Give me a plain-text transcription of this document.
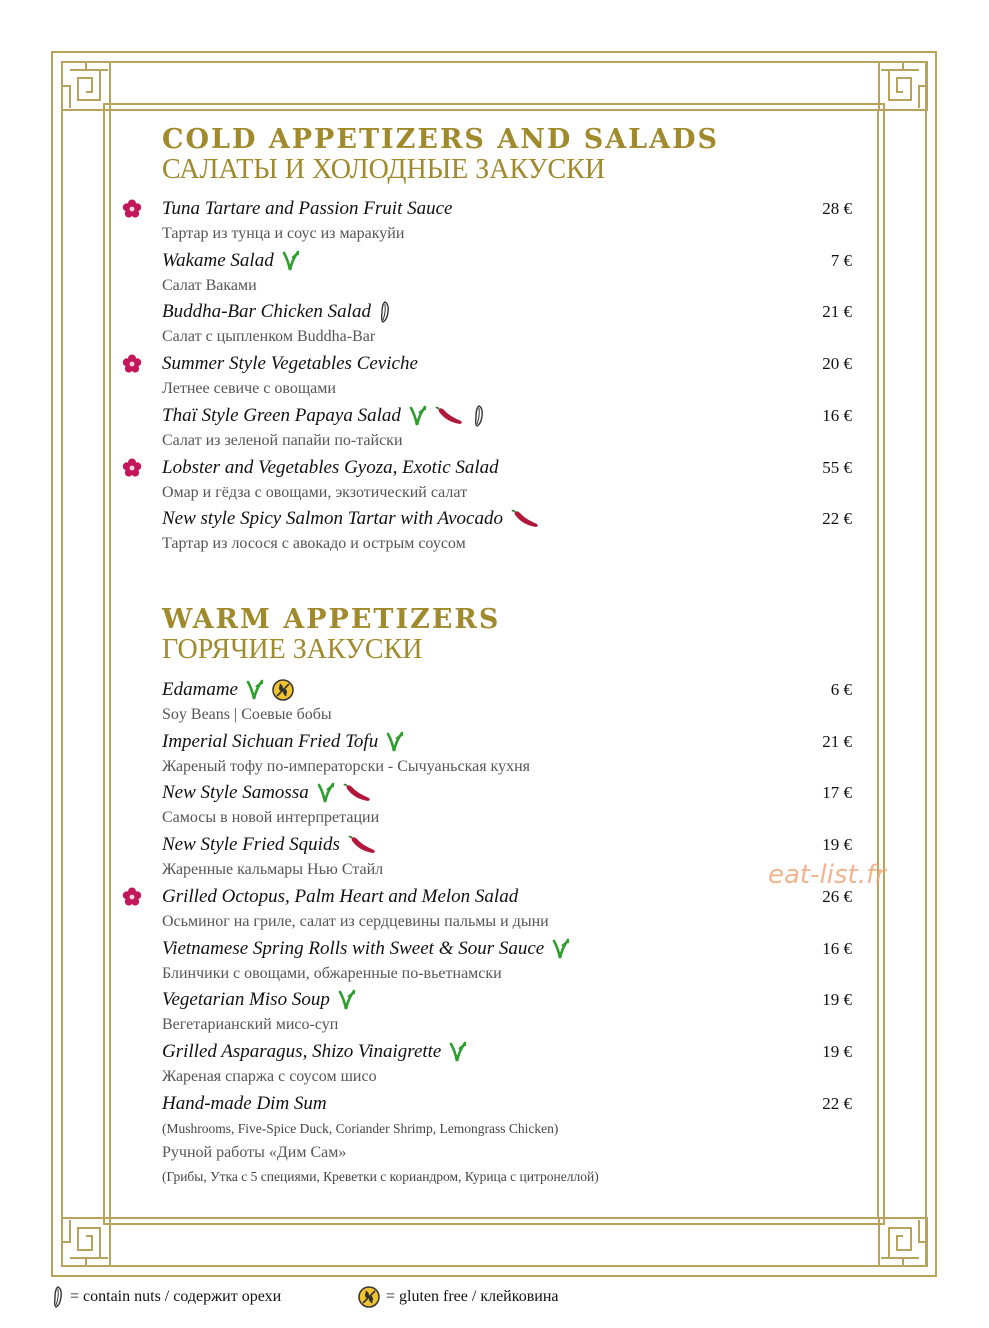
COLD APPETIZERS AND SALADS
САЛАТЫ И ХОЛОДНЫЕ ЗАКУСКИ
Tuna Tartare and Passion Fruit Sauce	28 €
Тартар из тунца и соус из маракуйи
Wakame Salad	7 €
Салат Ваками
Buddha-Bar Chicken Salad	21 €
Салат с цыпленком Buddha-Bar
Summer Style Vegetables Ceviche	20 €
Летнее севиче с овощами
Thaï Style Green Papaya Salad	16 €
Салат из зеленой папайи по-тайски
Lobster and Vegetables Gyoza, Exotic Salad	55 €
Омар и гёдза с овощами, экзотический салат
New style Spicy Salmon Tartar with Avocado	22 €
Тартар из лосося с авокадо и острым соусом
WARM APPETIZERS
ГОРЯЧИЕ ЗАКУСКИ
Edamame	6 €
Soy Beans | Соевые бобы
Imperial Sichuan Fried Tofu	21 €
Жареный тофу по-императорски - Сычуаньская кухня
New Style Samossa	17 €
Самосы в новой интерпретации
New Style Fried Squids	19 €
Жаренные кальмары Нью Стайл
Grilled Octopus, Palm Heart and Melon Salad	26 €
Осьминог на гриле, салат из сердцевины пальмы и дыни
Vietnamese Spring Rolls with Sweet & Sour Sauce	16 €
Блинчики с овощами, обжаренные по-вьетнамски
Vegetarian Miso Soup	19 €
Вегетарианский мисо-суп
Grilled Asparagus, Shizo Vinaigrette	19 €
Жареная спаржа с соусом шисо
Hand-made Dim Sum	22 €
(Mushrooms, Five-Spice Duck, Coriander Shrimp, Lemongrass Chicken)
Ручной работы «Дим Сам»
(Грибы, Утка с 5 специями, Креветки с кориандром, Курица с цитронеллой)
eat-list.fr
= contain nuts / содержит орехи	= gluten free / клейковина
